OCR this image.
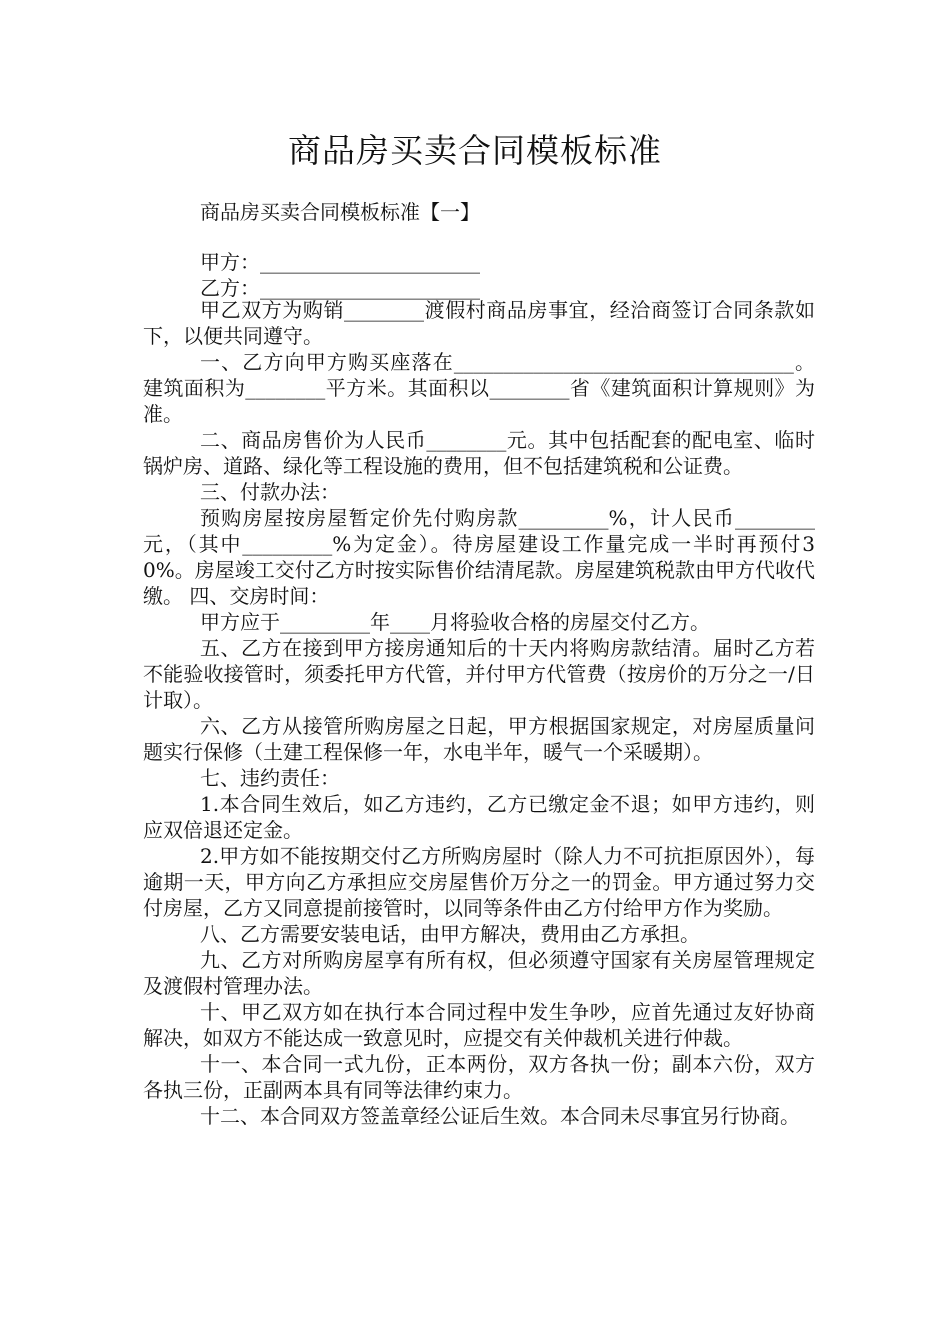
商品房买卖合同模板标准
商品房买卖合同模板标准【一】
甲方：______________________
乙方：______________________

甲乙双方为购销________渡假村商品房事宜，经洽商签订合同条款如下，以便共同遵守。

一、乙方向甲方购买座落在__________________________________。建筑面积为________平方米。其面积以________省《建筑面积计算规则》为准。

二、商品房售价为人民币________元。其中包括配套的配电室、临时锅炉房、道路、绿化等工程设施的费用，但不包括建筑税和公证费。

三、付款办法：

预购房屋按房屋暂定价先付购房款_________%，计人民币________元，（其中_________%为定金）。待房屋建设工作量完成一半时再预付30%。房屋竣工交付乙方时按实际售价结清尾款。房屋建筑税款由甲方代收代缴。 四、交房时间：

甲方应于_________年____月将验收合格的房屋交付乙方。

五、乙方在接到甲方接房通知后的十天内将购房款结清。届时乙方若不能验收接管时，须委托甲方代管，并付甲方代管费（按房价的万分之一/日计取）。

六、乙方从接管所购房屋之日起，甲方根据国家规定，对房屋质量问题实行保修（土建工程保修一年，水电半年，暖气一个采暖期）。

七、违约责任：

1.本合同生效后，如乙方违约，乙方已缴定金不退；如甲方违约，则应双倍退还定金。

2.甲方如不能按期交付乙方所购房屋时（除人力不可抗拒原因外），每逾期一天，甲方向乙方承担应交房屋售价万分之一的罚金。甲方通过努力交付房屋，乙方又同意提前接管时，以同等条件由乙方付给甲方作为奖励。

八、乙方需要安装电话，由甲方解决，费用由乙方承担。

九、乙方对所购房屋享有所有权，但必须遵守国家有关房屋管理规定及渡假村管理办法。

十、甲乙双方如在执行本合同过程中发生争吵，应首先通过友好协商解决，如双方不能达成一致意见时，应提交有关仲裁机关进行仲裁。

十一、本合同一式九份，正本两份，双方各执一份；副本六份，双方各执三份，正副两本具有同等法律约束力。

十二、本合同双方签盖章经公证后生效。本合同未尽事宜另行协商。
